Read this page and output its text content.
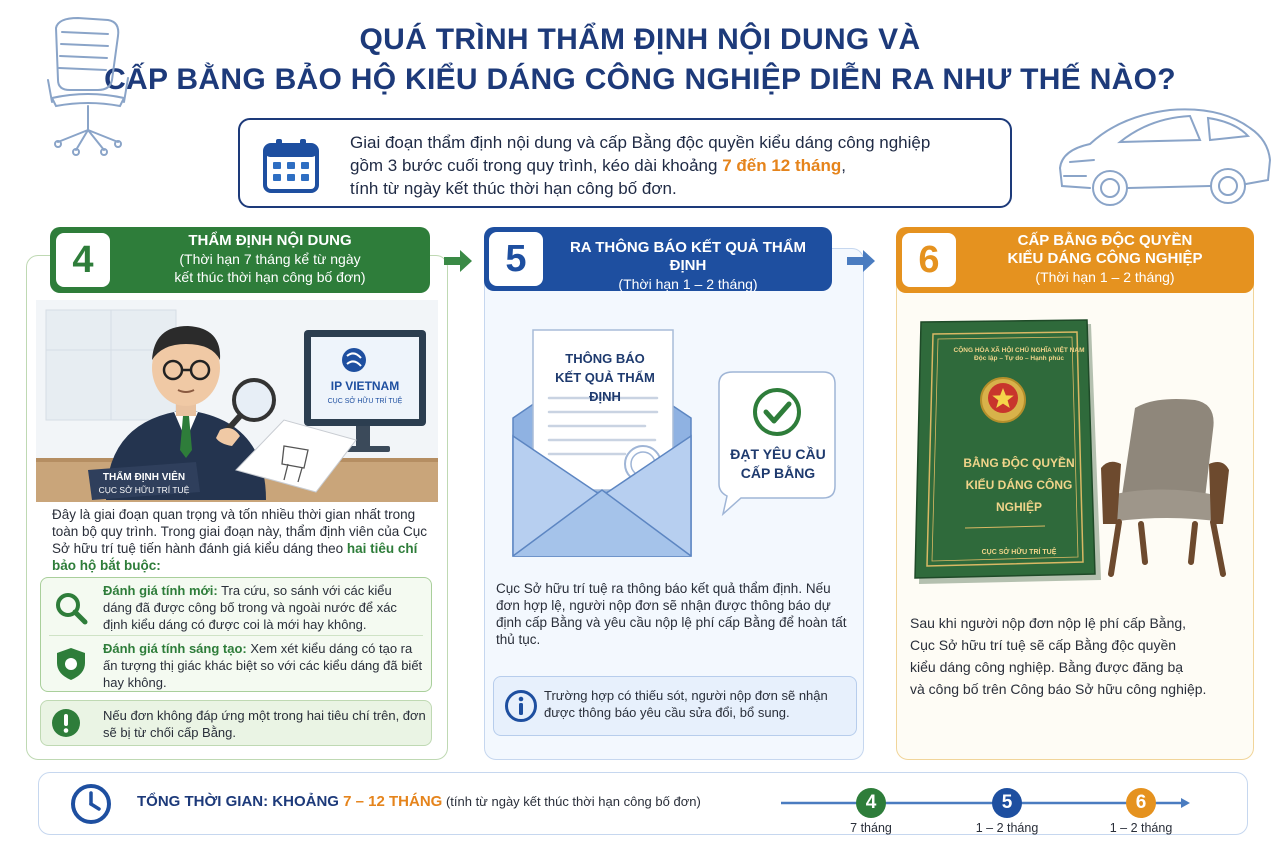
QUÁ TRÌNH THẨM ĐỊNH NỘI DUNG VÀ
CẤP BẰNG BẢO HỘ KIỂU DÁNG CÔNG NGHIỆP DIỄN RA NHƯ THẾ NÀO?
Giai đoạn thẩm định nội dung và cấp Bằng độc quyền kiểu dáng công nghiệp
gồm 3 bước cuối trong quy trình, kéo dài khoảng 7 đến 12 tháng,
tính từ ngày kết thúc thời hạn công bố đơn.
4	THẨM ĐỊNH NỘI DUNG
(Thời hạn 7 tháng kể từ ngày
kết thúc thời hạn công bố đơn)	5	RA THÔNG BÁO KẾT QUẢ THẨM ĐỊNH
(Thời hạn 1 – 2 tháng)
6	CẤP BẰNG ĐỘC QUYỀN
KIỂU DÁNG CÔNG NGHIỆP
(Thời hạn 1 – 2 tháng)
IP VIETNAM
CỤC SỞ HỮU TRÍ TUỆ
THẨM ĐỊNH VIÊN
CỤC SỞ HỮU TRÍ TUỆ
Đây là giai đoạn quan trọng và tốn nhiều thời gian nhất trong toàn bộ quy trình. Trong giai đoạn này, thẩm định viên của Cục Sở hữu trí tuệ tiến hành đánh giá kiểu dáng theo hai tiêu chí bảo hộ bắt buộc:
Đánh giá tính mới: Tra cứu, so sánh với các kiểu dáng đã được công bố trong và ngoài nước để xác định kiểu dáng có được coi là mới hay không.
Đánh giá tính sáng tạo: Xem xét kiểu dáng có tạo ra ấn tượng thị giác khác biệt so với các kiểu dáng đã biết hay không.
Nếu đơn không đáp ứng một trong hai tiêu chí trên, đơn sẽ bị từ chối cấp Bằng.
THÔNG BÁO
KẾT QUẢ THẨM ĐỊNH
ĐẠT YÊU CẦU
CẤP BẰNG
Cục Sở hữu trí tuệ ra thông báo kết quả thẩm định. Nếu đơn hợp lệ, người nộp đơn sẽ nhận được thông báo dự định cấp Bằng và yêu cầu nộp lệ phí cấp Bằng để hoàn tất thủ tục.
Trường hợp có thiếu sót, người nộp đơn sẽ nhận được thông báo yêu cầu sửa đổi, bổ sung.
CỘNG HÒA XÃ HỘI CHỦ NGHĨA VIỆT NAM
Độc lập – Tự do – Hạnh phúc
BẰNG ĐỘC QUYỀN
KIỂU DÁNG CÔNG NGHIỆP
CỤC SỞ HỮU TRÍ TUỆ
Sau khi người nộp đơn nộp lệ phí cấp Bằng,
Cục Sở hữu trí tuệ sẽ cấp Bằng độc quyền
kiểu dáng công nghiệp. Bằng được đăng bạ
và công bố trên Công báo Sở hữu công nghiệp.
TỔNG THỜI GIAN: KHOẢNG 7 – 12 THÁNG (tính từ ngày kết thúc thời hạn công bố đơn)	4
7 tháng
5
1 – 2 tháng
6
1 – 2 tháng
